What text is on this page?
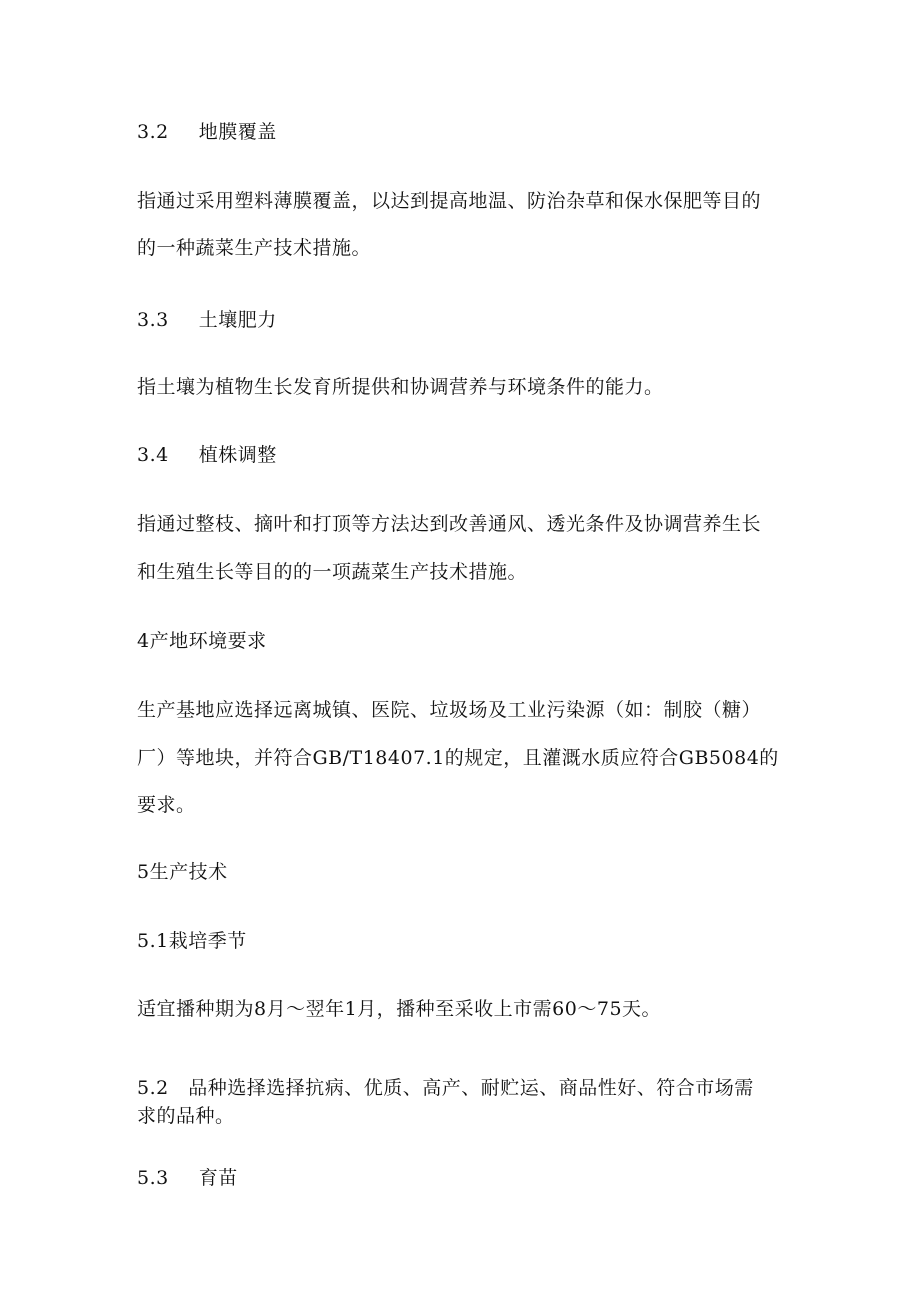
3.2 地膜覆盖
指通过采用塑料薄膜覆盖，以达到提高地温、防治杂草和保水保肥等目的
的一种蔬菜生产技术措施。
3.3 土壤肥力
指土壤为植物生长发育所提供和协调营养与环境条件的能力。
3.4 植株调整
指通过整枝、摘叶和打顶等方法达到改善通风、透光条件及协调营养生长
和生殖生长等目的的一项蔬菜生产技术措施。
4产地环境要求
生产基地应选择远离城镇、医院、垃圾场及工业污染源（如：制胶（糖）
厂）等地块，并符合GB/T18407.1的规定，且灌溉水质应符合GB5084的
要求。
5生产技术
5.1栽培季节
适宜播种期为8月～翌年1月，播种至采收上市需60～75天。
5.2　品种选择选择抗病、优质、高产、耐贮运、商品性好、符合市场需
求的品种。
5.3 育苗
